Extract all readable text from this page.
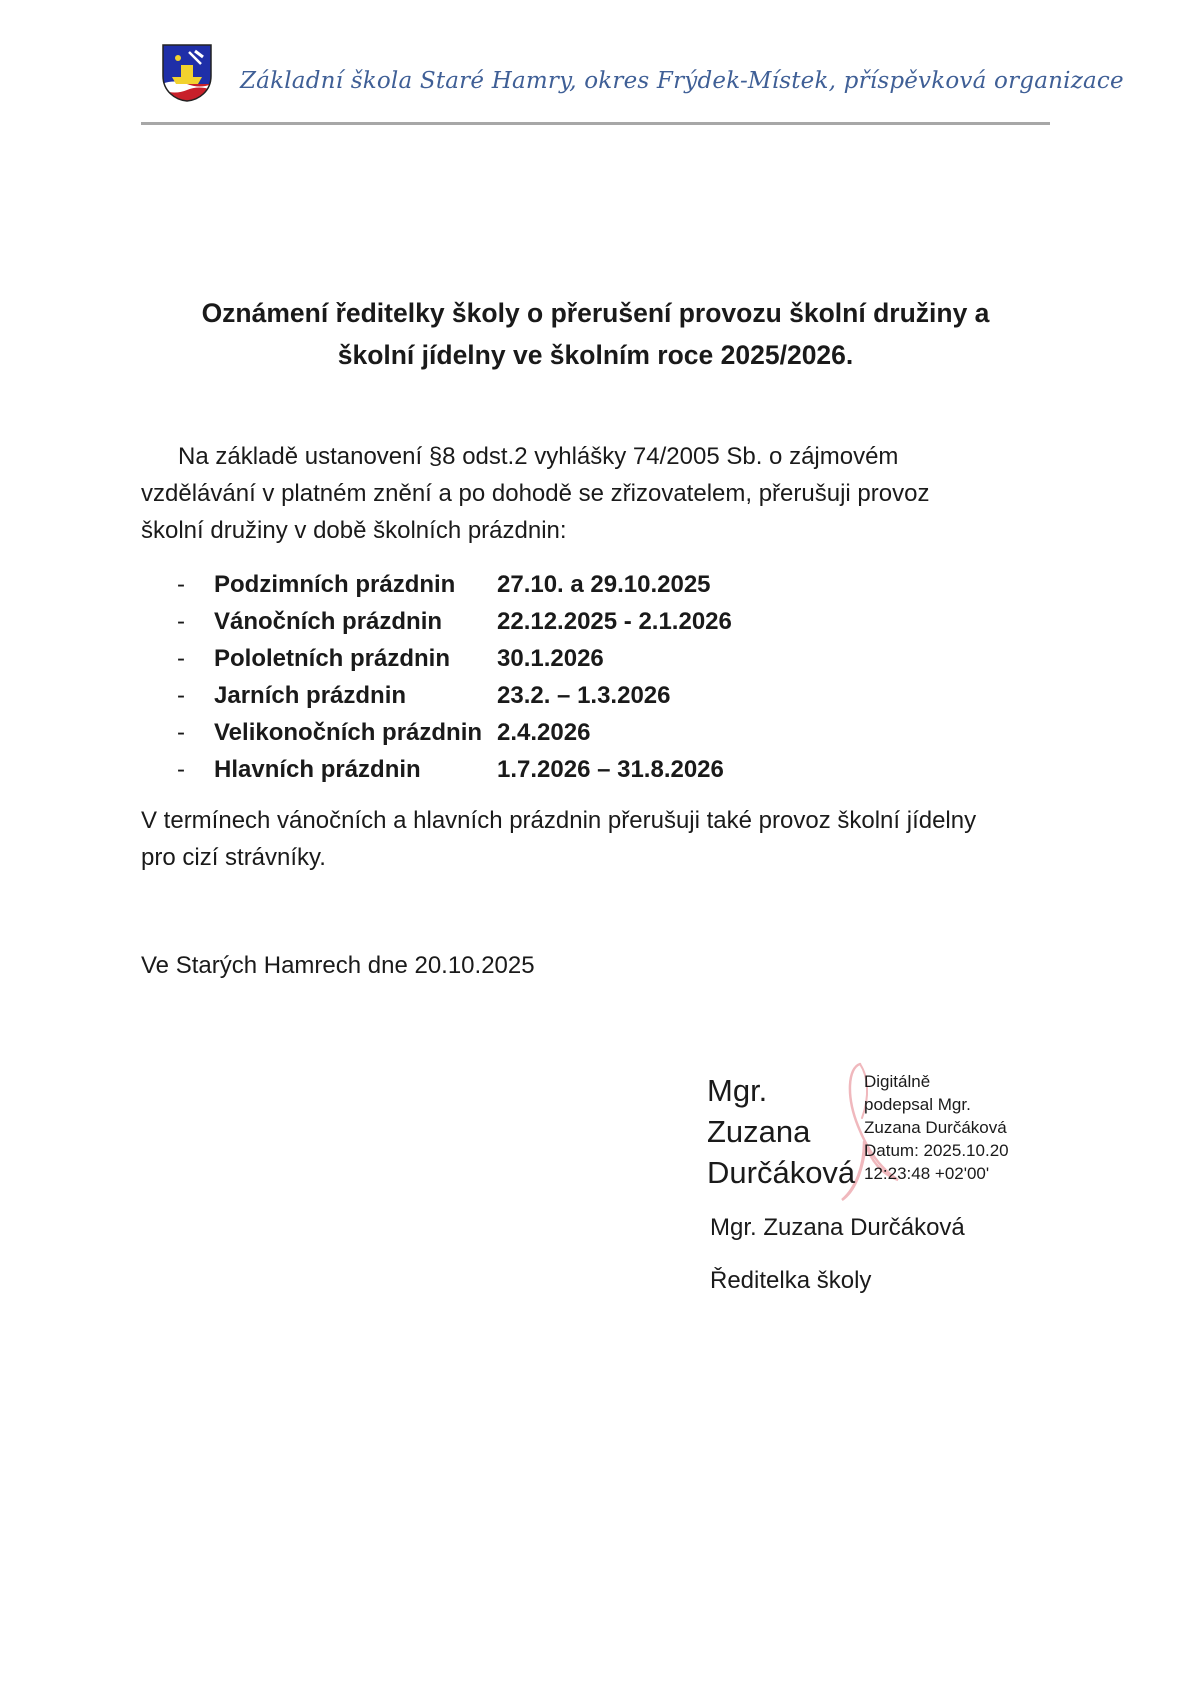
Základní škola Staré Hamry, okres Frýdek-Místek, příspěvková organizace
Oznámení ředitelky školy o přerušení provozu školní družiny a
školní jídelny ve školním roce 2025/2026.
Na základě ustanovení §8 odst.2 vyhlášky 74/2005 Sb. o zájmovém
vzdělávání v platném znění a po dohodě se zřizovatelem, přerušuji provoz
školní družiny v době školních prázdnin:
-	Podzimních prázdnin	27.10. a 29.10.2025
-	Vánočních prázdnin	22.12.2025 - 2.1.2026
-	Pololetních prázdnin	30.1.2026
-	Jarních prázdnin	23.2. – 1.3.2026
-	Velikonočních prázdnin 2.4.2026
-	Hlavních prázdnin	1.7.2026 – 31.8.2026
V termínech vánočních a hlavních prázdnin přerušuji také provoz školní jídelny
pro cizí strávníky.
Ve Starých Hamrech dne 20.10.2025
Mgr.
Zuzana
Durčáková
Digitálně
podepsal Mgr.
Zuzana Durčáková
Datum: 2025.10.20
12:23:48 +02'00'
Mgr. Zuzana Durčáková
Ředitelka školy
